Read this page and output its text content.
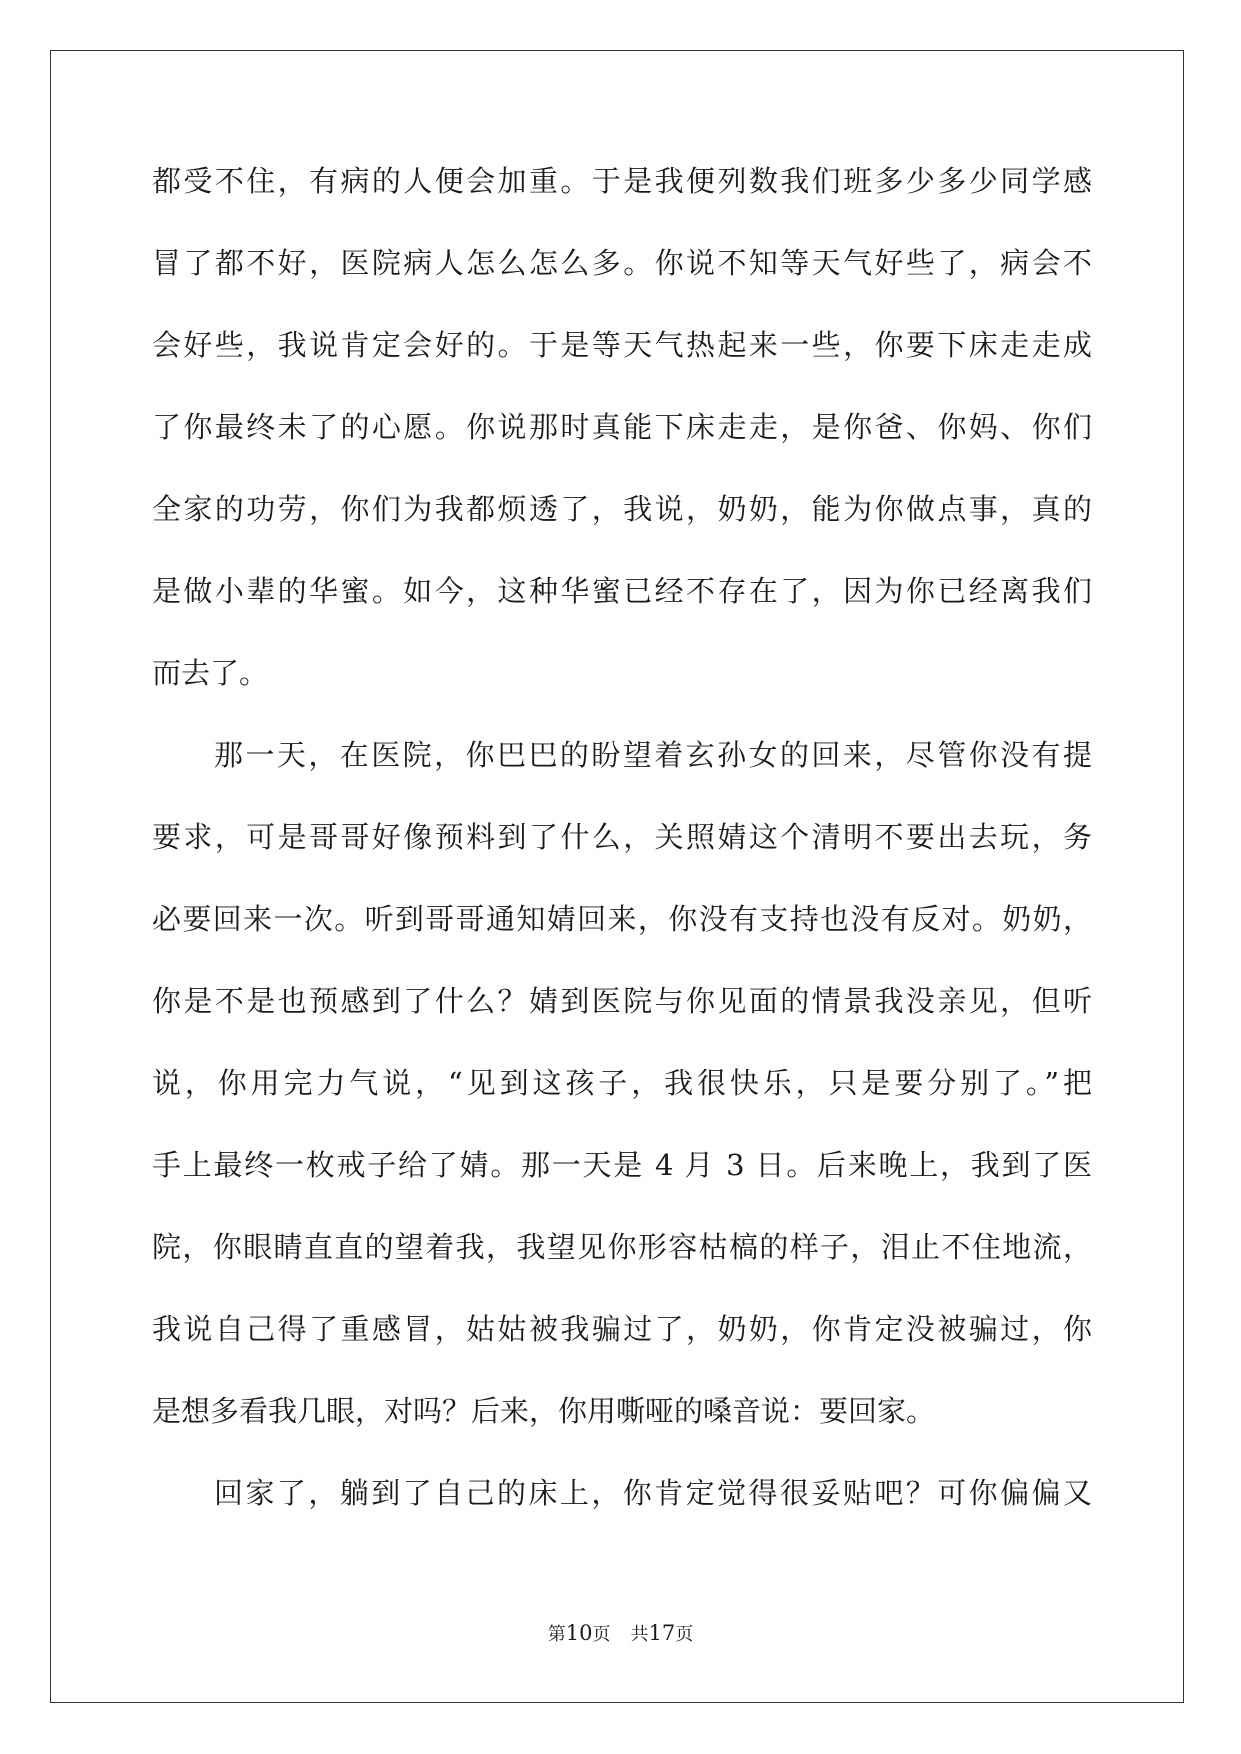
都受不住，有病的人便会加重。于是我便列数我们班多少多少同学感

冒了都不好，医院病人怎么怎么多。你说不知等天气好些了，病会不

会好些，我说肯定会好的。于是等天气热起来一些，你要下床走走成

了你最终未了的心愿。你说那时真能下床走走，是你爸、你妈、你们

全家的功劳，你们为我都烦透了，我说，奶奶，能为你做点事，真的

是做小辈的华蜜。如今，这种华蜜已经不存在了，因为你已经离我们

而去了。

那一天，在医院，你巴巴的盼望着玄孙女的回来，尽管你没有提

要求，可是哥哥好像预料到了什么，关照婧这个清明不要出去玩，务

必要回来一次。听到哥哥通知婧回来，你没有支持也没有反对。奶奶，

你是不是也预感到了什么？婧到医院与你见面的情景我没亲见，但听

说，你用完力气说，“见到这孩子，我很快乐，只是要分别了。”把

手上最终一枚戒子给了婧。那一天是 4 月 3 日。后来晚上，我到了医

院，你眼睛直直的望着我，我望见你形容枯槁的样子，泪止不住地流，

我说自己得了重感冒，姑姑被我骗过了，奶奶，你肯定没被骗过，你

是想多看我几眼，对吗？后来，你用嘶哑的嗓音说：要回家。

回家了，躺到了自己的床上，你肯定觉得很妥贴吧？可你偏偏又

第10页 共17页
